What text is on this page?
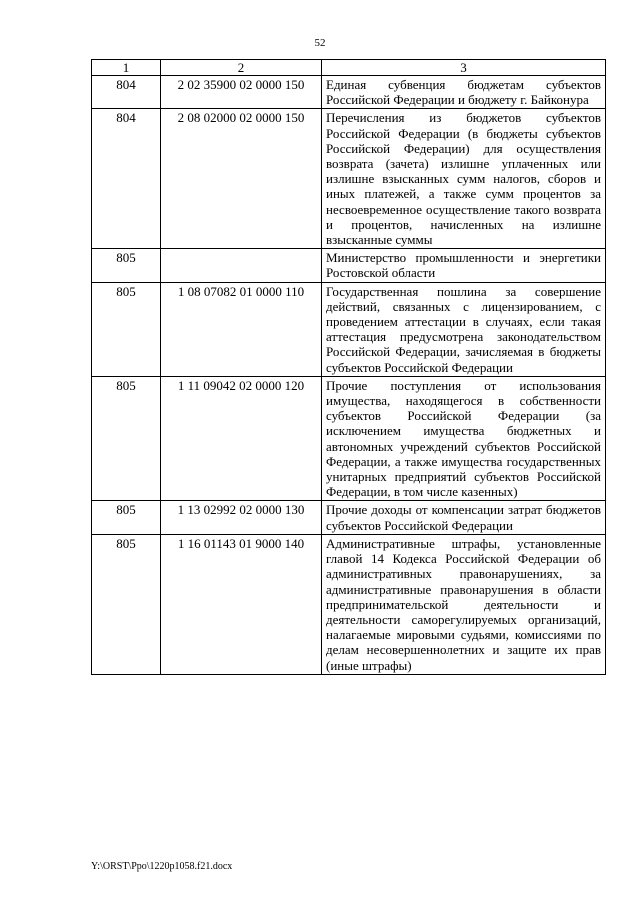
52
1	2	3
804	2 02 35900 02 0000 150	Единая субвенция бюджетам субъектов Российской Федерации и бюджету г. Байконура
804	2 08 02000 02 0000 150	Перечисления из бюджетов субъектов Российской Федерации (в бюджеты субъектов Российской Федерации) для осуществления возврата (зачета) излишне уплаченных или излишне взысканных сумм налогов, сборов и иных платежей, а также сумм процентов за несвоевременное осуществление такого возврата и процентов, начисленных на излишне взысканные суммы
805		Министерство промышленности и энергетики Ростовской области
805	1 08 07082 01 0000 110	Государственная пошлина за совершение действий, связанных с лицензированием, с проведением аттестации в случаях, если такая аттестация предусмотрена законодательством Российской Федерации, зачисляемая в бюджеты субъектов Российской Федерации
805	1 11 09042 02 0000 120	Прочие поступления от использования имущества, находящегося в собственности субъектов Российской Федерации (за исключением имущества бюджетных и автономных учреждений субъектов Российской Федерации, а также имущества государственных унитарных предприятий субъектов Российской Федерации, в том числе казенных)
805	1 13 02992 02 0000 130	Прочие доходы от компенсации затрат бюджетов субъектов Российской Федерации
805	1 16 01143 01 9000 140	Административные штрафы, установленные главой 14 Кодекса Российской Федерации об административных правонарушениях, за административные правонарушения в области предпринимательской деятельности и деятельности саморегулируемых организаций, налагаемые мировыми судьями, комиссиями по делам несовершеннолетних и защите их прав (иные штрафы)
Y:\ORST\Ppo\1220p1058.f21.docx
